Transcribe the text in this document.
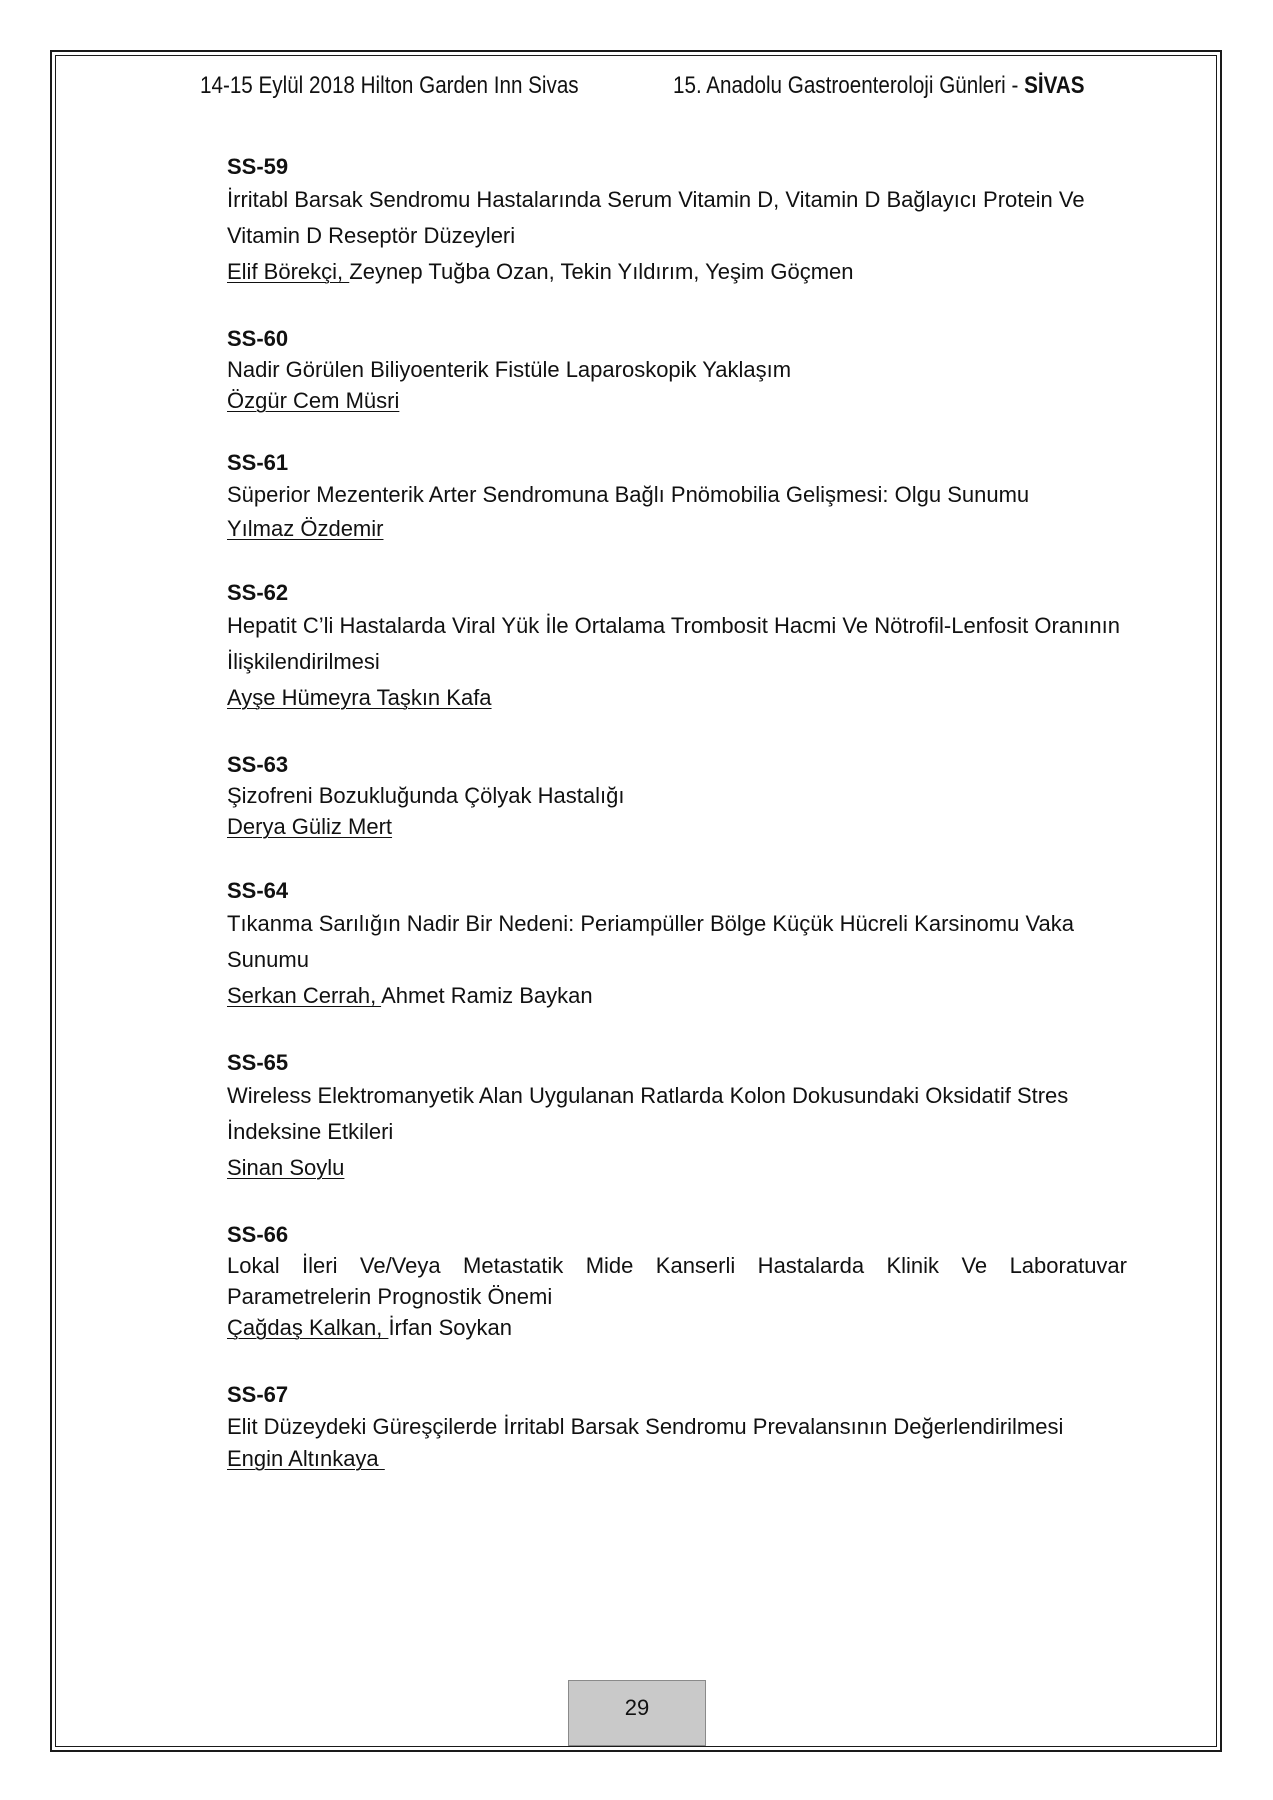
14-15 Eylül 2018 Hilton Garden Inn Sivas	15. Anadolu Gastroenteroloji Günleri - SİVAS
SS-59
İrritabl Barsak Sendromu Hastalarında Serum Vitamin D, Vitamin D Bağlayıcı Protein Ve Vitamin D Reseptör Düzeyleri
Elif Börekçi, Zeynep Tuğba Ozan, Tekin Yıldırım, Yeşim Göçmen
SS-60
Nadir Görülen Biliyoenterik Fistüle Laparoskopik Yaklaşım
Özgür Cem Müsri
SS-61
Süperior Mezenterik Arter Sendromuna Bağlı Pnömobilia Gelişmesi: Olgu Sunumu
Yılmaz Özdemir
SS-62
Hepatit C’li Hastalarda Viral Yük İle Ortalama Trombosit Hacmi Ve Nötrofil-Lenfosit Oranının İlişkilendirilmesi
Ayşe Hümeyra Taşkın Kafa
SS-63
Şizofreni Bozukluğunda Çölyak Hastalığı
Derya Güliz Mert
SS-64
Tıkanma Sarılığın Nadir Bir Nedeni: Periampüller Bölge Küçük Hücreli Karsinomu Vaka Sunumu
Serkan Cerrah, Ahmet Ramiz Baykan
SS-65
Wireless Elektromanyetik Alan Uygulanan Ratlarda Kolon Dokusundaki Oksidatif Stres İndeksine Etkileri
Sinan Soylu
SS-66
Lokal İleri Ve/Veya Metastatik Mide Kanserli Hastalarda Klinik Ve Laboratuvar Parametrelerin Prognostik Önemi
Çağdaş Kalkan, İrfan Soykan
SS-67
Elit Düzeydeki Güreşçilerde İrritabl Barsak Sendromu Prevalansının Değerlendirilmesi
Engin Altınkaya
29
